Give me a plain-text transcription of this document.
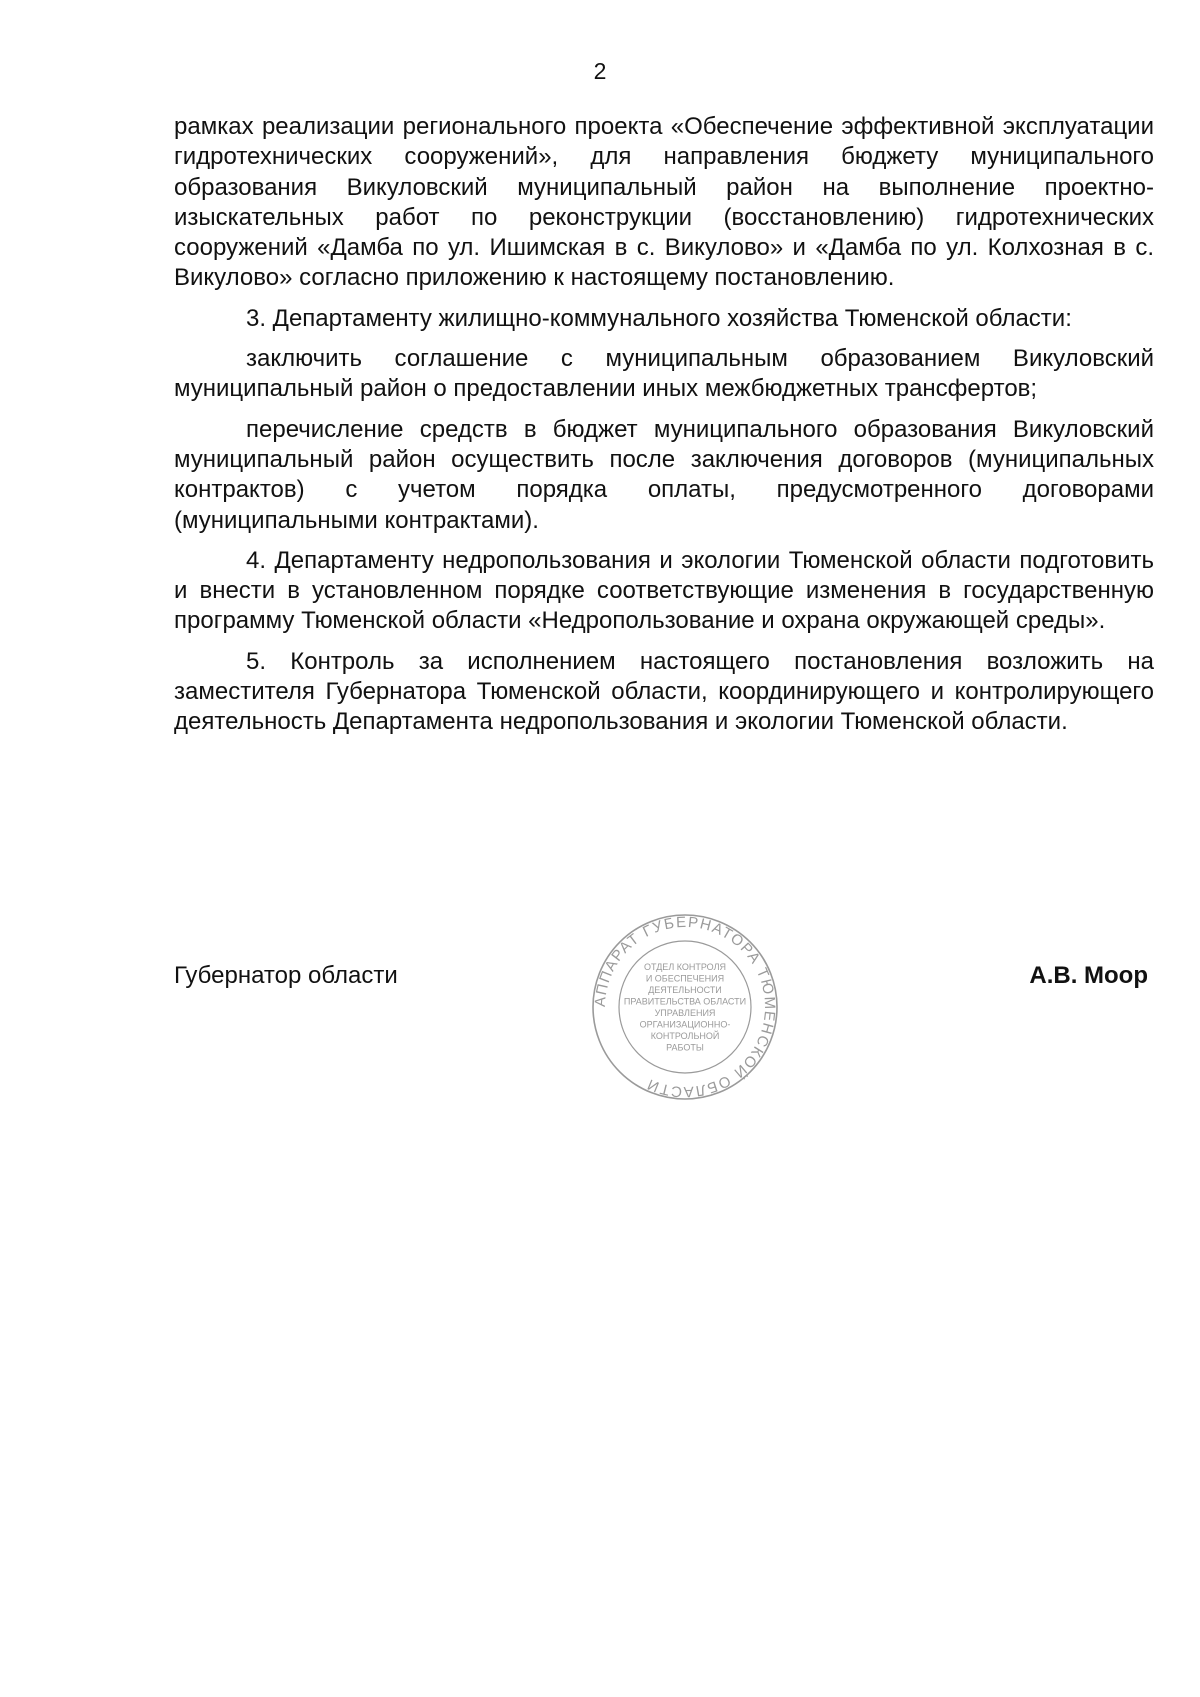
2

рамках реализации регионального проекта «Обеспечение эффективной эксплуатации гидротехнических сооружений», для направления бюджету муниципального образования Викуловский муниципальный район на выполнение проектно-изыскательных работ по реконструкции (восстановлению) гидротехнических сооружений «Дамба по ул. Ишимская в с. Викулово» и «Дамба по ул. Колхозная в с. Викулово» согласно приложению к настоящему постановлению.

3. Департаменту жилищно-коммунального хозяйства Тюменской области:

заключить соглашение с муниципальным образованием Викуловский муниципальный район о предоставлении иных межбюджетных трансфертов;

перечисление средств в бюджет муниципального образования Викуловский муниципальный район осуществить после заключения договоров (муниципальных контрактов) с учетом порядка оплаты, предусмотренного договорами (муниципальными контрактами).

4. Департаменту недропользования и экологии Тюменской области подготовить и внести в установленном порядке соответствующие изменения в государственную программу Тюменской области «Недропользование и охрана окружающей среды».

5. Контроль за исполнением настоящего постановления возложить на заместителя Губернатора Тюменской области, координирующего и контролирующего деятельность Департамента недропользования и экологии Тюменской области.

Губернатор области
АППАРАТ ГУБЕРНАТОРА ТЮМЕНСКОЙ ОБЛАСТИ
ОТДЕЛ КОНТРОЛЯ
И ОБЕСПЕЧЕНИЯ
ДЕЯТЕЛЬНОСТИ
ПРАВИТЕЛЬСТВА ОБЛАСТИ
УПРАВЛЕНИЯ
ОРГАНИЗАЦИОННО-
КОНТРОЛЬНОЙ
РАБОТЫ
А.В. Моор
